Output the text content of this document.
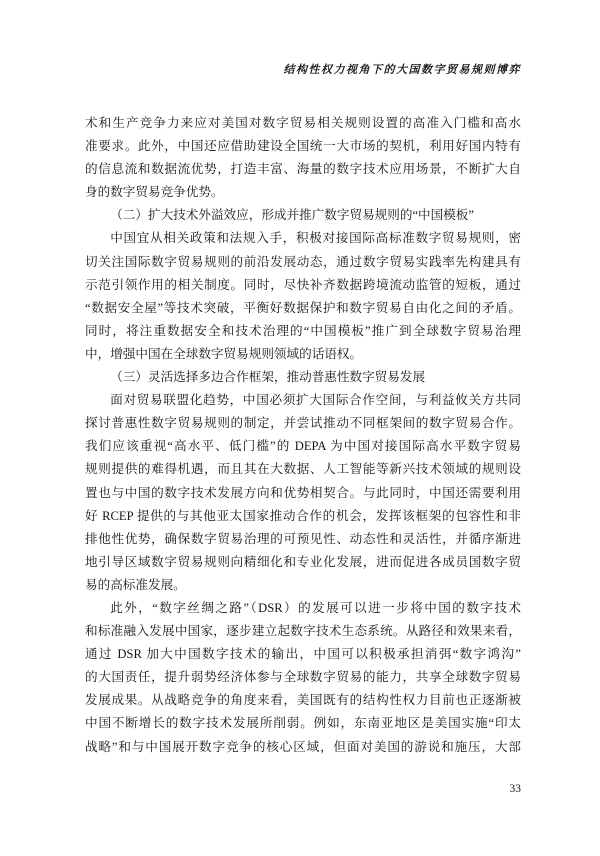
结构性权力视角下的大国数字贸易规则博弈
术和生产竞争力来应对美国对数字贸易相关规则设置的高准入门槛和高水
准要求。此外，中国还应借助建设全国统一大市场的契机，利用好国内特有
的信息流和数据流优势，打造丰富、海量的数字技术应用场景，不断扩大自
身的数字贸易竞争优势。
（二）扩大技术外溢效应，形成并推广数字贸易规则的“中国模板”
中国宜从相关政策和法规入手，积极对接国际高标准数字贸易规则，密
切关注国际数字贸易规则的前沿发展动态，通过数字贸易实践率先构建具有
示范引领作用的相关制度。同时，尽快补齐数据跨境流动监管的短板，通过
“数据安全屋”等技术突破，平衡好数据保护和数字贸易自由化之间的矛盾。
同时，将注重数据安全和技术治理的“中国模板”推广到全球数字贸易治理
中，增强中国在全球数字贸易规则领域的话语权。
（三）灵活选择多边合作框架，推动普惠性数字贸易发展
面对贸易联盟化趋势，中国必须扩大国际合作空间，与利益攸关方共同
探讨普惠性数字贸易规则的制定，并尝试推动不同框架间的数字贸易合作。
我们应该重视“高水平、低门槛”的 DEPA 为中国对接国际高水平数字贸易
规则提供的难得机遇，而且其在大数据、人工智能等新兴技术领域的规则设
置也与中国的数字技术发展方向和优势相契合。与此同时，中国还需要利用
好 RCEP 提供的与其他亚太国家推动合作的机会，发挥该框架的包容性和非
排他性优势，确保数字贸易治理的可预见性、动态性和灵活性，并循序渐进
地引导区域数字贸易规则向精细化和专业化发展，进而促进各成员国数字贸
易的高标准发展。
此外，“数字丝绸之路”（DSR）的发展可以进一步将中国的数字技术
和标准融入发展中国家，逐步建立起数字技术生态系统。从路径和效果来看，
通过 DSR 加大中国数字技术的输出，中国可以积极承担消弭“数字鸿沟”
的大国责任，提升弱势经济体参与全球数字贸易的能力，共享全球数字贸易
发展成果。从战略竞争的角度来看，美国既有的结构性权力目前也正逐渐被
中国不断增长的数字技术发展所削弱。例如，东南亚地区是美国实施“印太
战略”和与中国展开数字竞争的核心区域，但面对美国的游说和施压，大部
33
